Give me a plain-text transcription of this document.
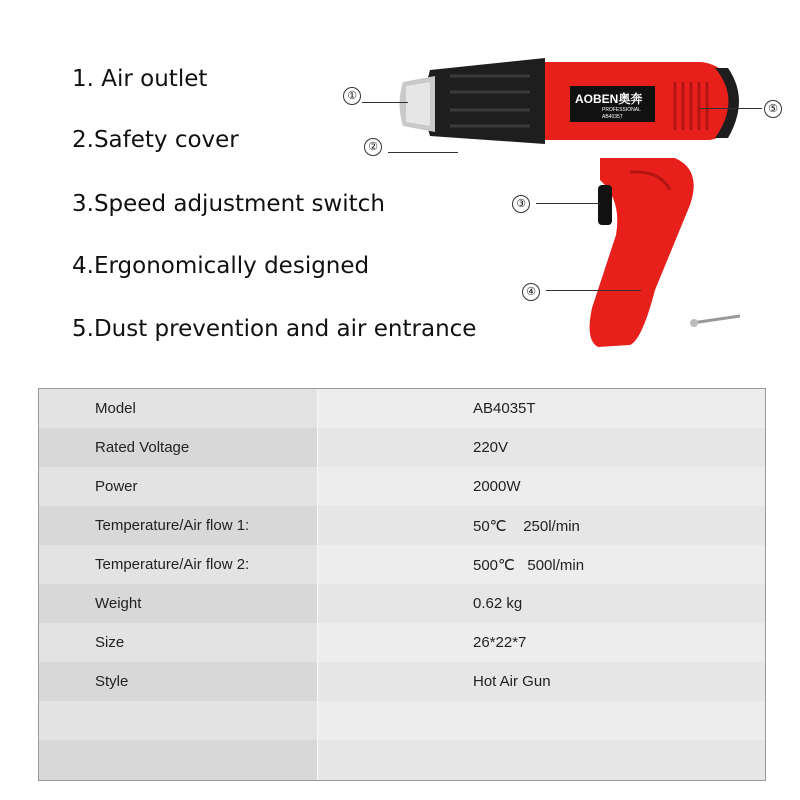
1. Air outlet
2.Safety cover
3.Speed adjustment switch
4.Ergonomically designed
5.Dust prevention and air entrance
AOBEN奥奔
PROFESSIONAL
AB4035T
①
②
③
④
⑤
Model	AB4035T
Rated Voltage	220V
Power	2000W
Temperature/Air flow 1:	50℃    250l/min
Temperature/Air flow 2:	500℃   500l/min
Weight	0.62 kg
Size	26*22*7
Style	Hot Air Gun
